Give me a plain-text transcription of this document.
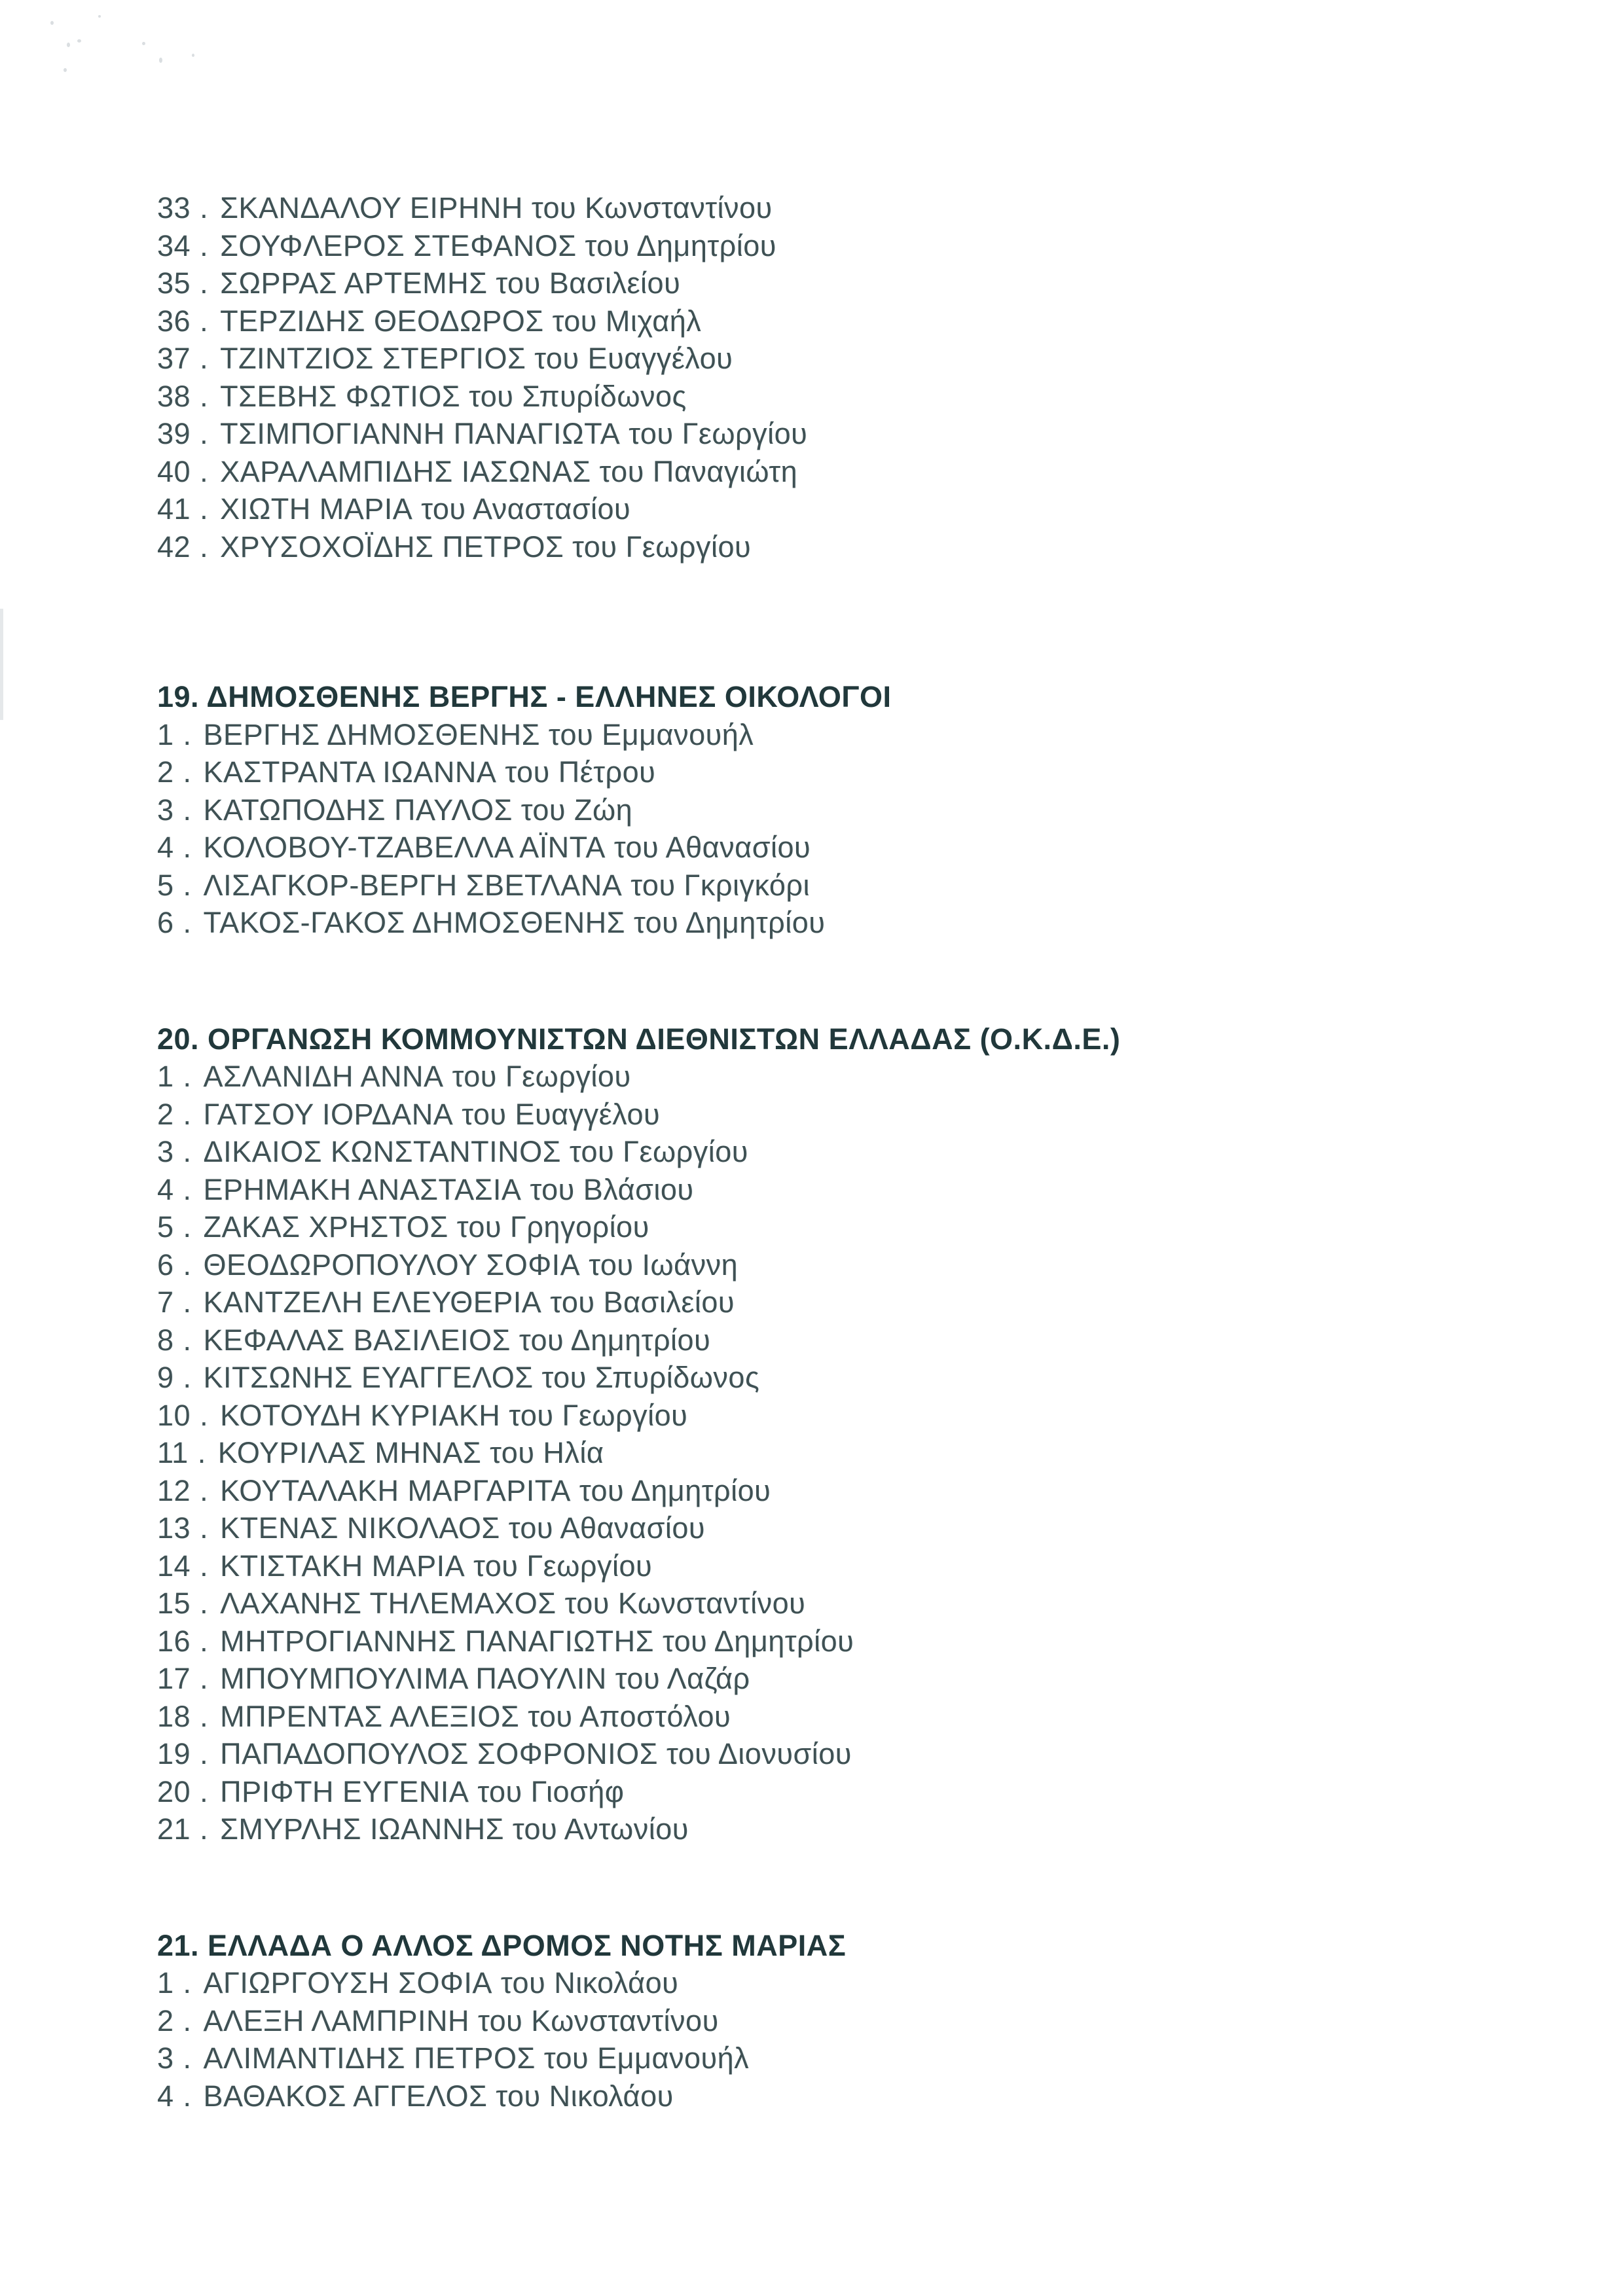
33 . ΣΚΑΝΔΑΛΟΥ ΕΙΡΗΝΗ του Κωνσταντίνου
34 . ΣΟΥΦΛΕΡΟΣ ΣΤΕΦΑΝΟΣ του Δημητρίου
35 . ΣΩΡΡΑΣ ΑΡΤΕΜΗΣ του Βασιλείου
36 . ΤΕΡΖΙΔΗΣ ΘΕΟΔΩΡΟΣ του Μιχαήλ
37 . ΤΖΙΝΤΖΙΟΣ ΣΤΕΡΓΙΟΣ του Ευαγγέλου
38 . ΤΣΕΒΗΣ ΦΩΤΙΟΣ του Σπυρίδωνος
39 . ΤΣΙΜΠΟΓΙΑΝΝΗ ΠΑΝΑΓΙΩΤΑ του Γεωργίου
40 . ΧΑΡΑΛΑΜΠΙΔΗΣ ΙΑΣΩΝΑΣ του Παναγιώτη
41 . ΧΙΩΤΗ ΜΑΡΙΑ του Αναστασίου
42 . ΧΡΥΣΟΧΟΪΔΗΣ ΠΕΤΡΟΣ του Γεωργίου
19. ΔΗΜΟΣΘΕΝΗΣ ΒΕΡΓΗΣ - ΕΛΛΗΝΕΣ ΟΙΚΟΛΟΓΟΙ
1 . ΒΕΡΓΗΣ ΔΗΜΟΣΘΕΝΗΣ του Εμμανουήλ
2 . ΚΑΣΤΡΑΝΤΑ ΙΩΑΝΝΑ του Πέτρου
3 . ΚΑΤΩΠΟΔΗΣ ΠΑΥΛΟΣ του Ζώη
4 . ΚΟΛΟΒΟΥ-ΤΖΑΒΕΛΛΑ ΑΪΝΤΑ του Αθανασίου
5 . ΛΙΣΑΓΚΟΡ-ΒΕΡΓΗ ΣΒΕΤΛΑΝΑ του Γκριγκόρι
6 . ΤΑΚΟΣ-ΓΑΚΟΣ ΔΗΜΟΣΘΕΝΗΣ του Δημητρίου
20. ΟΡΓΑΝΩΣΗ ΚΟΜΜΟΥΝΙΣΤΩΝ ΔΙΕΘΝΙΣΤΩΝ ΕΛΛΑΔΑΣ (Ο.Κ.Δ.Ε.)
1 . ΑΣΛΑΝΙΔΗ ΑΝΝΑ του Γεωργίου
2 . ΓΑΤΣΟΥ ΙΟΡΔΑΝΑ του Ευαγγέλου
3 . ΔΙΚΑΙΟΣ ΚΩΝΣΤΑΝΤΙΝΟΣ του Γεωργίου
4 . ΕΡΗΜΑΚΗ ΑΝΑΣΤΑΣΙΑ του Βλάσιου
5 . ΖΑΚΑΣ ΧΡΗΣΤΟΣ του Γρηγορίου
6 . ΘΕΟΔΩΡΟΠΟΥΛΟΥ ΣΟΦΙΑ του Ιωάννη
7 . ΚΑΝΤΖΕΛΗ ΕΛΕΥΘΕΡΙΑ του Βασιλείου
8 . ΚΕΦΑΛΑΣ ΒΑΣΙΛΕΙΟΣ του Δημητρίου
9 . ΚΙΤΣΩΝΗΣ ΕΥΑΓΓΕΛΟΣ του Σπυρίδωνος
10 . ΚΟΤΟΥΔΗ ΚΥΡΙΑΚΗ του Γεωργίου
11 . ΚΟΥΡΙΛΑΣ ΜΗΝΑΣ του Ηλία
12 . ΚΟΥΤΑΛΑΚΗ ΜΑΡΓΑΡΙΤΑ του Δημητρίου
13 . ΚΤΕΝΑΣ ΝΙΚΟΛΑΟΣ του Αθανασίου
14 . ΚΤΙΣΤΑΚΗ ΜΑΡΙΑ του Γεωργίου
15 . ΛΑΧΑΝΗΣ ΤΗΛΕΜΑΧΟΣ του Κωνσταντίνου
16 . ΜΗΤΡΟΓΙΑΝΝΗΣ ΠΑΝΑΓΙΩΤΗΣ του Δημητρίου
17 . ΜΠΟΥΜΠΟΥΛΙΜΑ ΠΑΟΥΛΙΝ του Λαζάρ
18 . ΜΠΡΕΝΤΑΣ ΑΛΕΞΙΟΣ του Αποστόλου
19 . ΠΑΠΑΔΟΠΟΥΛΟΣ ΣΟΦΡΟΝΙΟΣ του Διονυσίου
20 . ΠΡΙΦΤΗ ΕΥΓΕΝΙΑ του Γιοσήφ
21 . ΣΜΥΡΛΗΣ ΙΩΑΝΝΗΣ του Αντωνίου
21. ΕΛΛΑΔΑ Ο ΑΛΛΟΣ ΔΡΟΜΟΣ ΝΟΤΗΣ ΜΑΡΙΑΣ
1 . ΑΓΙΩΡΓΟΥΣΗ ΣΟΦΙΑ του Νικολάου
2 . ΑΛΕΞΗ ΛΑΜΠΡΙΝΗ του Κωνσταντίνου
3 . ΑΛΙΜΑΝΤΙΔΗΣ ΠΕΤΡΟΣ του Εμμανουήλ
4 . ΒΑΘΑΚΟΣ ΑΓΓΕΛΟΣ του Νικολάου
